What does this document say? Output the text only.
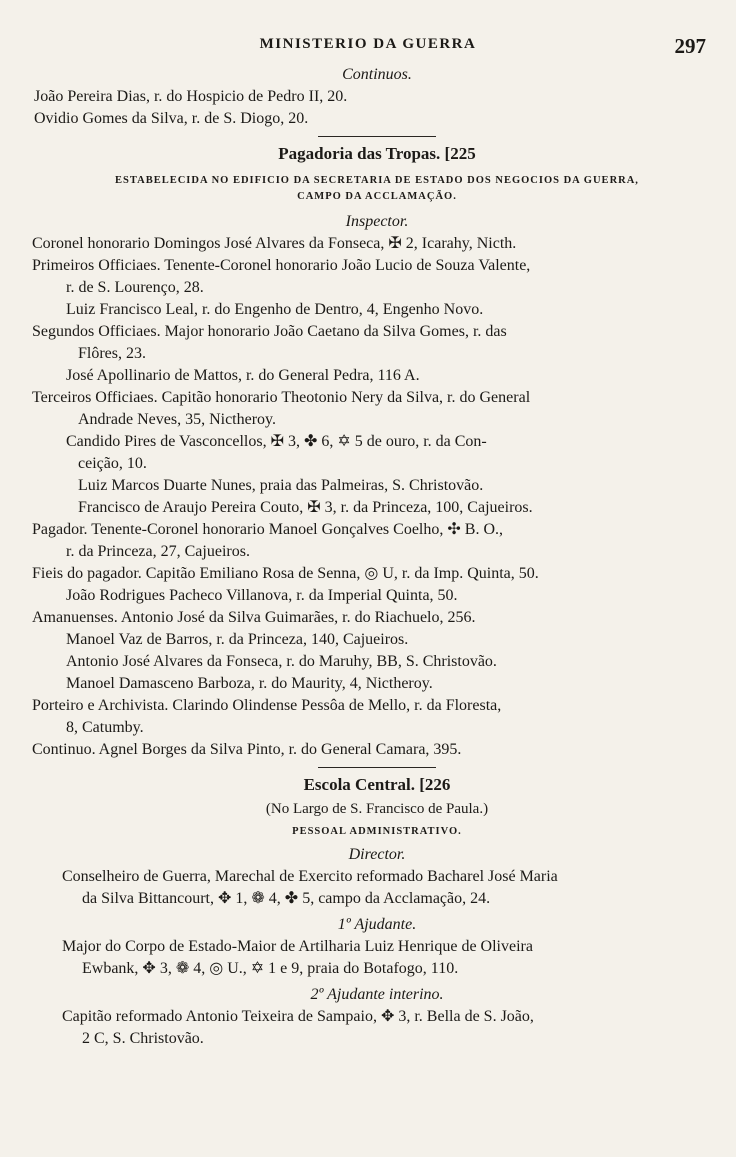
MINISTERIO DA GUERRA	297
Continuos.
João Pereira Dias, r. do Hospicio de Pedro II, 20.
Ovidio Gomes da Silva, r. de S. Diogo, 20.
Pagadoria das Tropas. [225
ESTABELECIDA NO EDIFICIO DA SECRETARIA DE ESTADO DOS NEGOCIOS DA GUERRA,
CAMPO DA ACCLAMAÇÃO.
Inspector.
Coronel honorario Domingos José Alvares da Fonseca, ✠ 2, Icarahy, Nicth.
Primeiros Officiaes. Tenente-Coronel honorario João Lucio de Souza Valente,
r. de S. Lourenço, 28.
Luiz Francisco Leal, r. do Engenho de Dentro, 4, Engenho Novo.
Segundos Officiaes. Major honorario João Caetano da Silva Gomes, r. das
Flôres, 23.
José Apollinario de Mattos, r. do General Pedra, 116 A.
Terceiros Officiaes. Capitão honorario Theotonio Nery da Silva, r. do General
Andrade Neves, 35, Nictheroy.
Candido Pires de Vasconcellos, ✠ 3, ✤ 6, ✡ 5 de ouro, r. da Con-
ceição, 10.
Luiz Marcos Duarte Nunes, praia das Palmeiras, S. Christovão.
Francisco de Araujo Pereira Couto, ✠ 3, r. da Princeza, 100, Cajueiros.
Pagador. Tenente-Coronel honorario Manoel Gonçalves Coelho, ✣ B. O.,
r. da Princeza, 27, Cajueiros.
Fieis do pagador. Capitão Emiliano Rosa de Senna, ◎ U, r. da Imp. Quinta, 50.
João Rodrigues Pacheco Villanova, r. da Imperial Quinta, 50.
Amanuenses. Antonio José da Silva Guimarães, r. do Riachuelo, 256.
Manoel Vaz de Barros, r. da Princeza, 140, Cajueiros.
Antonio José Alvares da Fonseca, r. do Maruhy, BB, S. Christovão.
Manoel Damasceno Barboza, r. do Maurity, 4, Nictheroy.
Porteiro e Archivista. Clarindo Olindense Pessôa de Mello, r. da Floresta,
8, Catumby.
Continuo. Agnel Borges da Silva Pinto, r. do General Camara, 395.
Escola Central. [226
(No Largo de S. Francisco de Paula.)
PESSOAL ADMINISTRATIVO.
Director.
Conselheiro de Guerra, Marechal de Exercito reformado Bacharel José Maria
da Silva Bittancourt, ✥ 1, ❁ 4, ✤ 5, campo da Acclamação, 24.
1º Ajudante.
Major do Corpo de Estado-Maior de Artilharia Luiz Henrique de Oliveira
Ewbank, ✥ 3, ❁ 4, ◎ U., ✡ 1 e 9, praia do Botafogo, 110.
2º Ajudante interino.
Capitão reformado Antonio Teixeira de Sampaio, ✥ 3, r. Bella de S. João,
2 C, S. Christovão.
